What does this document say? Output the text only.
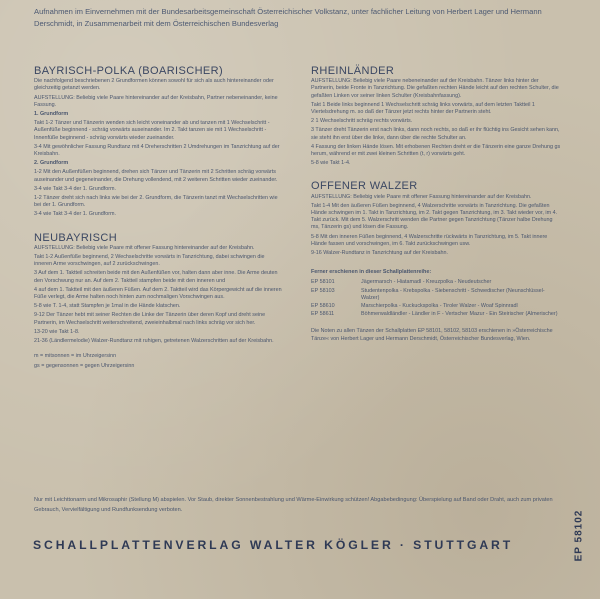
Aufnahmen im Einvernehmen mit der Bundesarbeitsgemeinschaft Österreichischer Volkstanz, unter fachlicher Leitung von Herbert Lager und Hermann Derschmidt, in Zusammenarbeit mit dem Österreichischen Bundesverlag
BAYRISCH-POLKA (BOARISCHER)
Die nachfolgend beschriebenen 2 Grundformen können sowohl für sich als auch hintereinander oder gleichzeitig getanzt werden.
AUFSTELLUNG: Beliebig viele Paare hintereinander auf der Kreisbahn, Partner nebeneinander, keine Fassung.
1. Grundform
Takt 1-2 Tänzer und Tänzerin wenden sich leicht voneinander ab und tanzen mit 1 Wechselschritt - Außenfüße beginnend - schräg vorwärts auseinander. Im 2. Takt tanzen sie mit 1 Wechselschritt - Innenfüße beginnend - schräg vorwärts wieder zueinander.
3-4 Mit gewöhnlicher Fassung Rundtanz mit 4 Dreherschritten 2 Umdrehungen im Tanzrichtung auf der Kreisbahn.
2. Grundform
1-2 Mit den Außenfüßen beginnend, drehen sich Tänzer und Tänzerin mit 2 Schritten schräg vorwärts auseinander und gegeneinander, die Drehung vollendend, mit 2 weiteren Schritten wieder zueinander.
3-4 wie Takt 3-4 der 1. Grundform.
1-2 Tänzer dreht sich nach links wie bei der 2. Grundform, die Tänzerin tanzt mit Wechselschritten wie bei der 1. Grundform.
3-4 wie Takt 3-4 der 1. Grundform.
NEUBAYRISCH
AUFSTELLUNG: Beliebig viele Paare mit offener Fassung hintereinander auf der Kreisbahn.
Takt 1-2 Außenfüße beginnend, 2 Wechselschritte vorwärts in Tanzrichtung, dabei schwingen die inneren Arme vorschwingen, auf 2 zurückschwingen.
3 Auf dem 1. Taktteil schreiten beide mit den Außenfüßen vor, halten dann aber inne. Die Arme deuten den Vorschwung nur an. Auf dem 2. Taktteil stampfen beide mit den inneren und
4 auf dem 1. Taktteil mit den äußeren Füßen. Auf dem 2. Taktteil wird das Körpergewicht auf die inneren Füße verlegt, die Arme halten noch hinten zum nochmaligen Vorschwingen aus.
5-8 wie T. 1-4, statt Stampfen je 1mal in die Hände klatschen.
9-12 Der Tänzer hebt mit seiner Rechten die Linke der Tänzerin über deren Kopf und dreht seine Partnerin, im Wechselschritt weiterschreitend, zweieinhalbmal nach links schräg vor sich her.
13-20 wie Takt 1-8.
21-36 (Ländlermelodie) Walzer-Rundtanz mit ruhigen, getretenen Walzerschritten auf der Kreisbahn.
m = mitsonnen = im Uhrzeigersinn
gs = gegensonnen = gegen Uhrzeigersinn
RHEINLÄNDER
AUFSTELLUNG: Beliebig viele Paare nebeneinander auf der Kreisbahn. Tänzer links hinter der Partnerin, beide Fronte in Tanzrichtung. Die gefaßten rechten Hände leicht auf den rechten Schulter, die gefaßten Linken vor seiner linken Schulter (Kreisbahnfassung).
Takt 1 Beide links beginnend 1 Wechselschritt schräg links vorwärts, auf dem letzten Taktteil 1 Viertelsdrehung m. so daß der Tänzer jetzt rechts hinter der Partnerin steht.
2 1 Wechselschritt schräg rechts vorwärts.
3 Tänzer dreht Tänzerin erst nach links, dann noch rechts, so daß er ihr flüchtig ins Gesicht sehen kann, sie steht ihn erst über die linke, dann über die rechte Schulter an.
4 Fassung der linken Hände lösen. Mit erhobenen Rechten dreht er die Tänzerin eine ganze Drehung gs herum, während er mit zwei kleinen Schritten (t, r) vorwärts geht.
5-8 wie Takt 1-4.
OFFENER WALZER
AUFSTELLUNG: Beliebig viele Paare mit offener Fassung hintereinander auf der Kreisbahn.
Takt 1-4 Mit den äußeren Füßen beginnend, 4 Walzerschritte vorwärts in Tanzrichtung. Die gefaßten Hände schwingen im 1. Takt in Tanzrichtung, im 2. Takt gegen Tanzrichtung, im 3. Takt wieder vor, im 4. Takt zurück. Mit dem 5. Walzerschritt wenden die Partner gegen Tanzrichtung (Tänzer halbe Drehung ms, Tänzerin gs) und lösen die Fassung.
5-8 Mit den inneren Füßen beginnend, 4 Walzerschritte rückwärts in Tanzrichtung, im 5. Takt innere Hände fassen und vorschwingen, im 6. Takt zurückschwingen usw.
9-16 Walzer-Rundtanz in Tanzrichtung auf der Kreisbahn.
Ferner erschienen in dieser Schallplattenreihe:
EP 58101	Jägermarsch - Hiatamadl - Kreuzpolka - Neudeutscher
EP 58103	Studentenpolka - Krebspolka - Siebenschritt - Schwedischer (Neunschlüssel-Walzer)
EP 58610	Marschierpolka - Kuckuckspolka - Tiroler Walzer - Woaf Spinnradl
EP 58611	Böhmerwaldländler - Ländler in F - Vertscher Mazur - Ein Steirischer (Almerischer)
Die Noten zu allen Tänzen der Schallplatten EP 58101, 58102, 58103 erschienen in »Österreichische Tänze« von Herbert Lager und Hermann Derschmidt, Österreichischer Bundesverlag, Wien.
Nur mit Leichttonarm und Mikrosaphir (Stellung M) abspielen. Vor Staub, direkter Sonnenbestrahlung und Wärme-Einwirkung schützen! Abgabebedingung: Überspielung auf Band oder Draht, auch zum privaten Gebrauch, Vervielfältigung und Rundfunksendung verboten.
SCHALLPLATTENVERLAG WALTER KÖGLER · STUTTGART	EP 58102
